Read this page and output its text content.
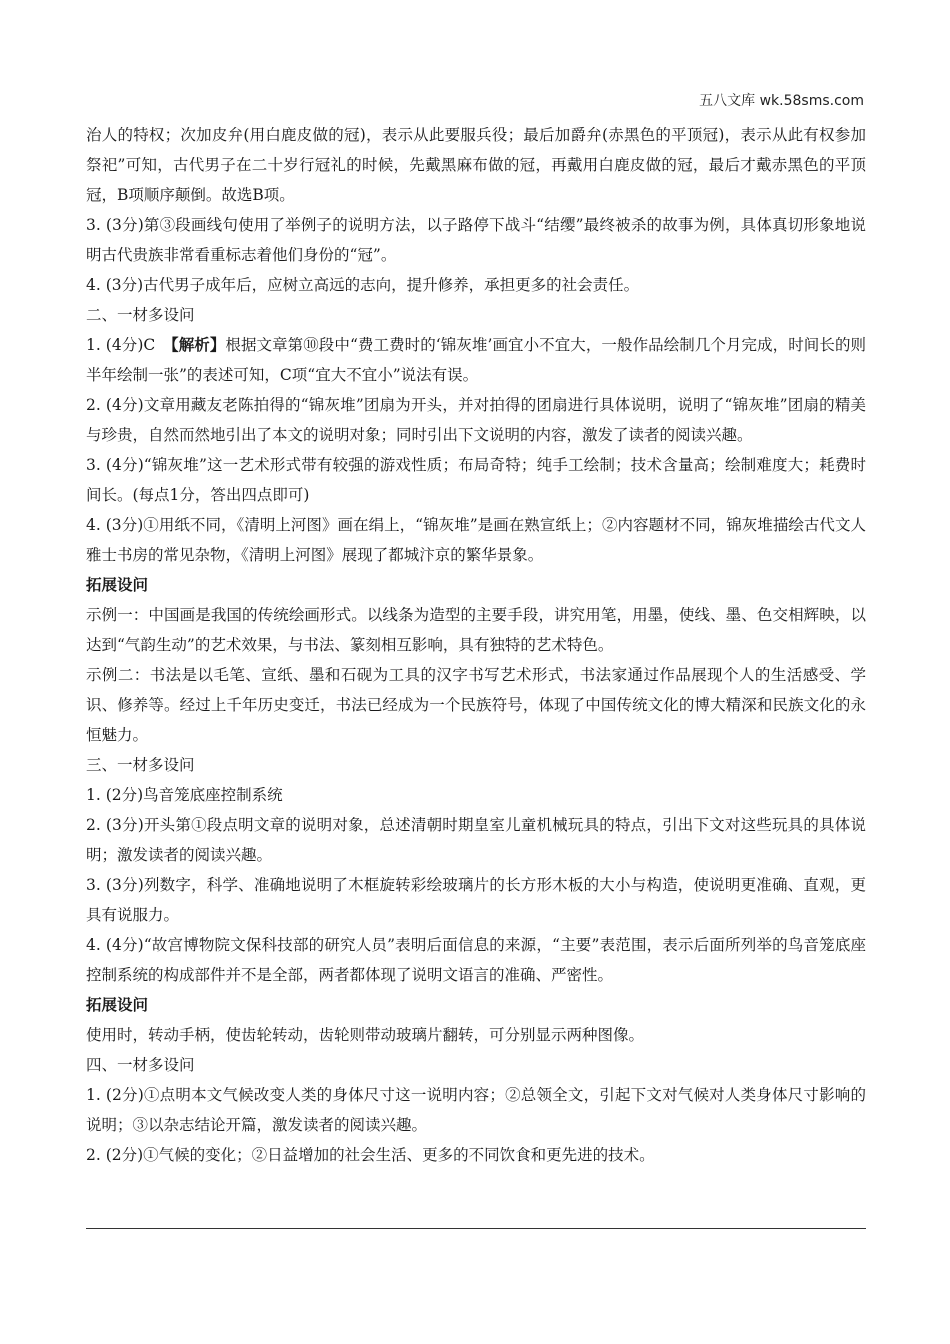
五八文库 wk.58sms.com

治人的特权；次加皮弁(用白鹿皮做的冠)，表示从此要服兵役；最后加爵弁(赤黑色的平顶冠)，表示从此有权参加祭祀”可知，古代男子在二十岁行冠礼的时候，先戴黑麻布做的冠，再戴用白鹿皮做的冠，最后才戴赤黑色的平顶冠，B项顺序颠倒。故选B项。

3. (3分)第③段画线句使用了举例子的说明方法，以子路停下战斗“结缨”最终被杀的故事为例，具体真切形象地说明古代贵族非常看重标志着他们身份的“冠”。

4. (3分)古代男子成年后，应树立高远的志向，提升修养，承担更多的社会责任。

二、一材多设问

1. (4分)C　【解析】根据文章第⑩段中“费工费时的‘锦灰堆’画宜小不宜大，一般作品绘制几个月完成，时间长的则半年绘制一张”的表述可知，C项“宜大不宜小”说法有误。

2. (4分)文章用藏友老陈拍得的“锦灰堆”团扇为开头，并对拍得的团扇进行具体说明，说明了“锦灰堆”团扇的精美与珍贵，自然而然地引出了本文的说明对象；同时引出下文说明的内容，激发了读者的阅读兴趣。

3. (4分)“锦灰堆”这一艺术形式带有较强的游戏性质；布局奇特；纯手工绘制；技术含量高；绘制难度大；耗费时间长。(每点1分，答出四点即可)

4. (3分)①用纸不同，《清明上河图》画在绢上，“锦灰堆”是画在熟宣纸上；②内容题材不同，锦灰堆描绘古代文人雅士书房的常见杂物，《清明上河图》展现了都城汴京的繁华景象。

拓展设问

示例一：中国画是我国的传统绘画形式。以线条为造型的主要手段，讲究用笔，用墨，使线、墨、色交相辉映，以达到“气韵生动”的艺术效果，与书法、篆刻相互影响，具有独特的艺术特色。

示例二：书法是以毛笔、宣纸、墨和石砚为工具的汉字书写艺术形式，书法家通过作品展现个人的生活感受、学识、修养等。经过上千年历史变迁，书法已经成为一个民族符号，体现了中国传统文化的博大精深和民族文化的永恒魅力。

三、一材多设问

1. (2分)鸟音笼底座控制系统

2. (3分)开头第①段点明文章的说明对象，总述清朝时期皇室儿童机械玩具的特点，引出下文对这些玩具的具体说明；激发读者的阅读兴趣。

3. (3分)列数字，科学、准确地说明了木框旋转彩绘玻璃片的长方形木板的大小与构造，使说明更准确、直观，更具有说服力。

4. (4分)“故宫博物院文保科技部的研究人员”表明后面信息的来源，“主要”表范围，表示后面所列举的鸟音笼底座控制系统的构成部件并不是全部，两者都体现了说明文语言的准确、严密性。

拓展设问

使用时，转动手柄，使齿轮转动，齿轮则带动玻璃片翻转，可分别显示两种图像。

四、一材多设问

1. (2分)①点明本文气候改变人类的身体尺寸这一说明内容；②总领全文，引起下文对气候对人类身体尺寸影响的说明；③以杂志结论开篇，激发读者的阅读兴趣。

2. (2分)①气候的变化；②日益增加的社会生活、更多的不同饮食和更先进的技术。
